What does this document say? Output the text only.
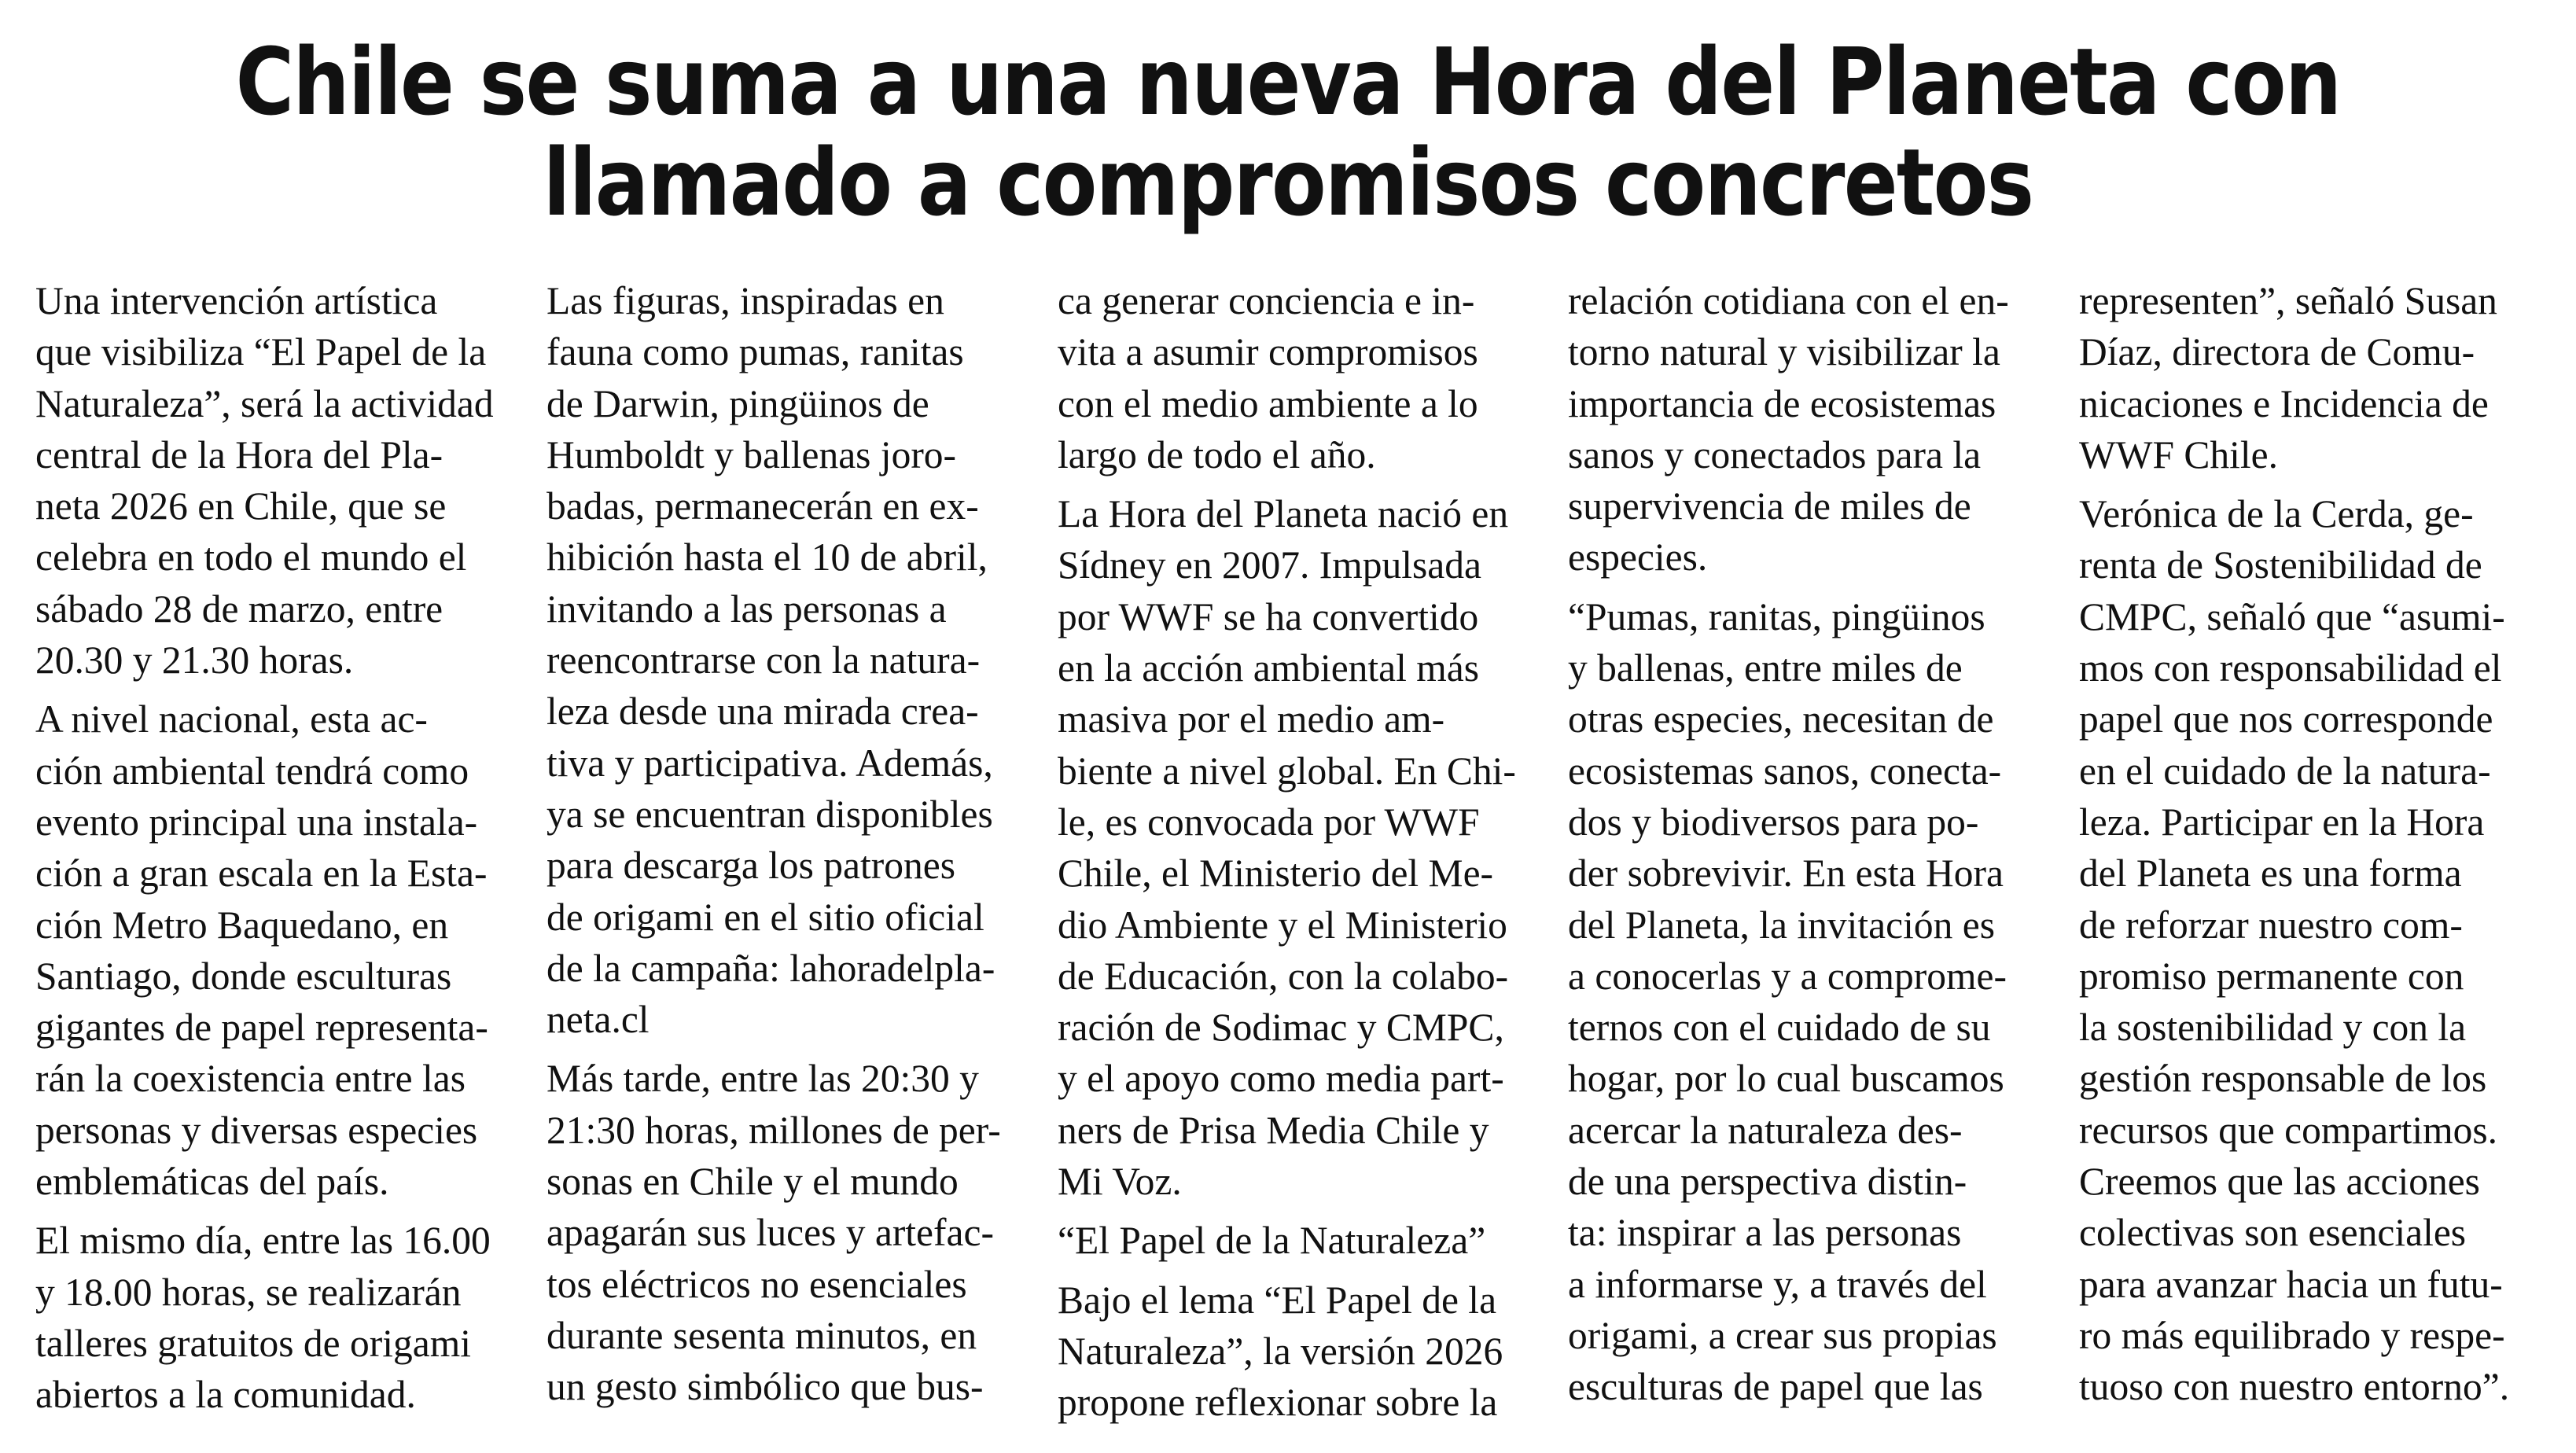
Chile se suma a una nueva Hora del Planeta con llamado a compromisos concretos

Una intervención artística
que visibiliza “El Papel de la
Naturaleza”, será la actividad
central de la Hora del Pla-
neta 2026 en Chile, que se
celebra en todo el mundo el
sábado 28 de marzo, entre
20.30 y 21.30 horas.

A nivel nacional, esta ac-
ción ambiental tendrá como
evento principal una instala-
ción a gran escala en la Esta-
ción Metro Baquedano, en
Santiago, donde esculturas
gigantes de papel representa-
rán la coexistencia entre las
personas y diversas especies
emblemáticas del país.

El mismo día, entre las 16.00
y 18.00 horas, se realizarán
talleres gratuitos de origami
abiertos a la comunidad.

Las figuras, inspiradas en
fauna como pumas, ranitas
de Darwin, pingüinos de
Humboldt y ballenas joro-
badas, permanecerán en ex-
hibición hasta el 10 de abril,
invitando a las personas a
reencontrarse con la natura-
leza desde una mirada crea-
tiva y participativa. Además,
ya se encuentran disponibles
para descarga los patrones
de origami en el sitio oficial
de la campaña: lahoradelpla-
neta.cl

Más tarde, entre las 20:30 y
21:30 horas, millones de per-
sonas en Chile y el mundo
apagarán sus luces y artefac-
tos eléctricos no esenciales
durante sesenta minutos, en
un gesto simbólico que bus-

ca generar conciencia e in-
vita a asumir compromisos
con el medio ambiente a lo
largo de todo el año.

La Hora del Planeta nació en
Sídney en 2007. Impulsada
por WWF se ha convertido
en la acción ambiental más
masiva por el medio am-
biente a nivel global. En Chi-
le, es convocada por WWF
Chile, el Ministerio del Me-
dio Ambiente y el Ministerio
de Educación, con la colabo-
ración de Sodimac y CMPC,
y el apoyo como media part-
ners de Prisa Media Chile y
Mi Voz.

“El Papel de la Naturaleza”

Bajo el lema “El Papel de la
Naturaleza”, la versión 2026
propone reflexionar sobre la

relación cotidiana con el en-
torno natural y visibilizar la
importancia de ecosistemas
sanos y conectados para la
supervivencia de miles de
especies.

“Pumas, ranitas, pingüinos
y ballenas, entre miles de
otras especies, necesitan de
ecosistemas sanos, conecta-
dos y biodiversos para po-
der sobrevivir. En esta Hora
del Planeta, la invitación es
a conocerlas y a comprome-
ternos con el cuidado de su
hogar, por lo cual buscamos
acercar la naturaleza des-
de una perspectiva distin-
ta: inspirar a las personas
a informarse y, a través del
origami, a crear sus propias
esculturas de papel que las

representen”, señaló Susan
Díaz, directora de Comu-
nicaciones e Incidencia de
WWF Chile.

Verónica de la Cerda, ge-
renta de Sostenibilidad de
CMPC, señaló que “asumi-
mos con responsabilidad el
papel que nos corresponde
en el cuidado de la natura-
leza. Participar en la Hora
del Planeta es una forma
de reforzar nuestro com-
promiso permanente con
la sostenibilidad y con la
gestión responsable de los
recursos que compartimos.
Creemos que las acciones
colectivas son esenciales
para avanzar hacia un futu-
ro más equilibrado y respe-
tuoso con nuestro entorno”.
